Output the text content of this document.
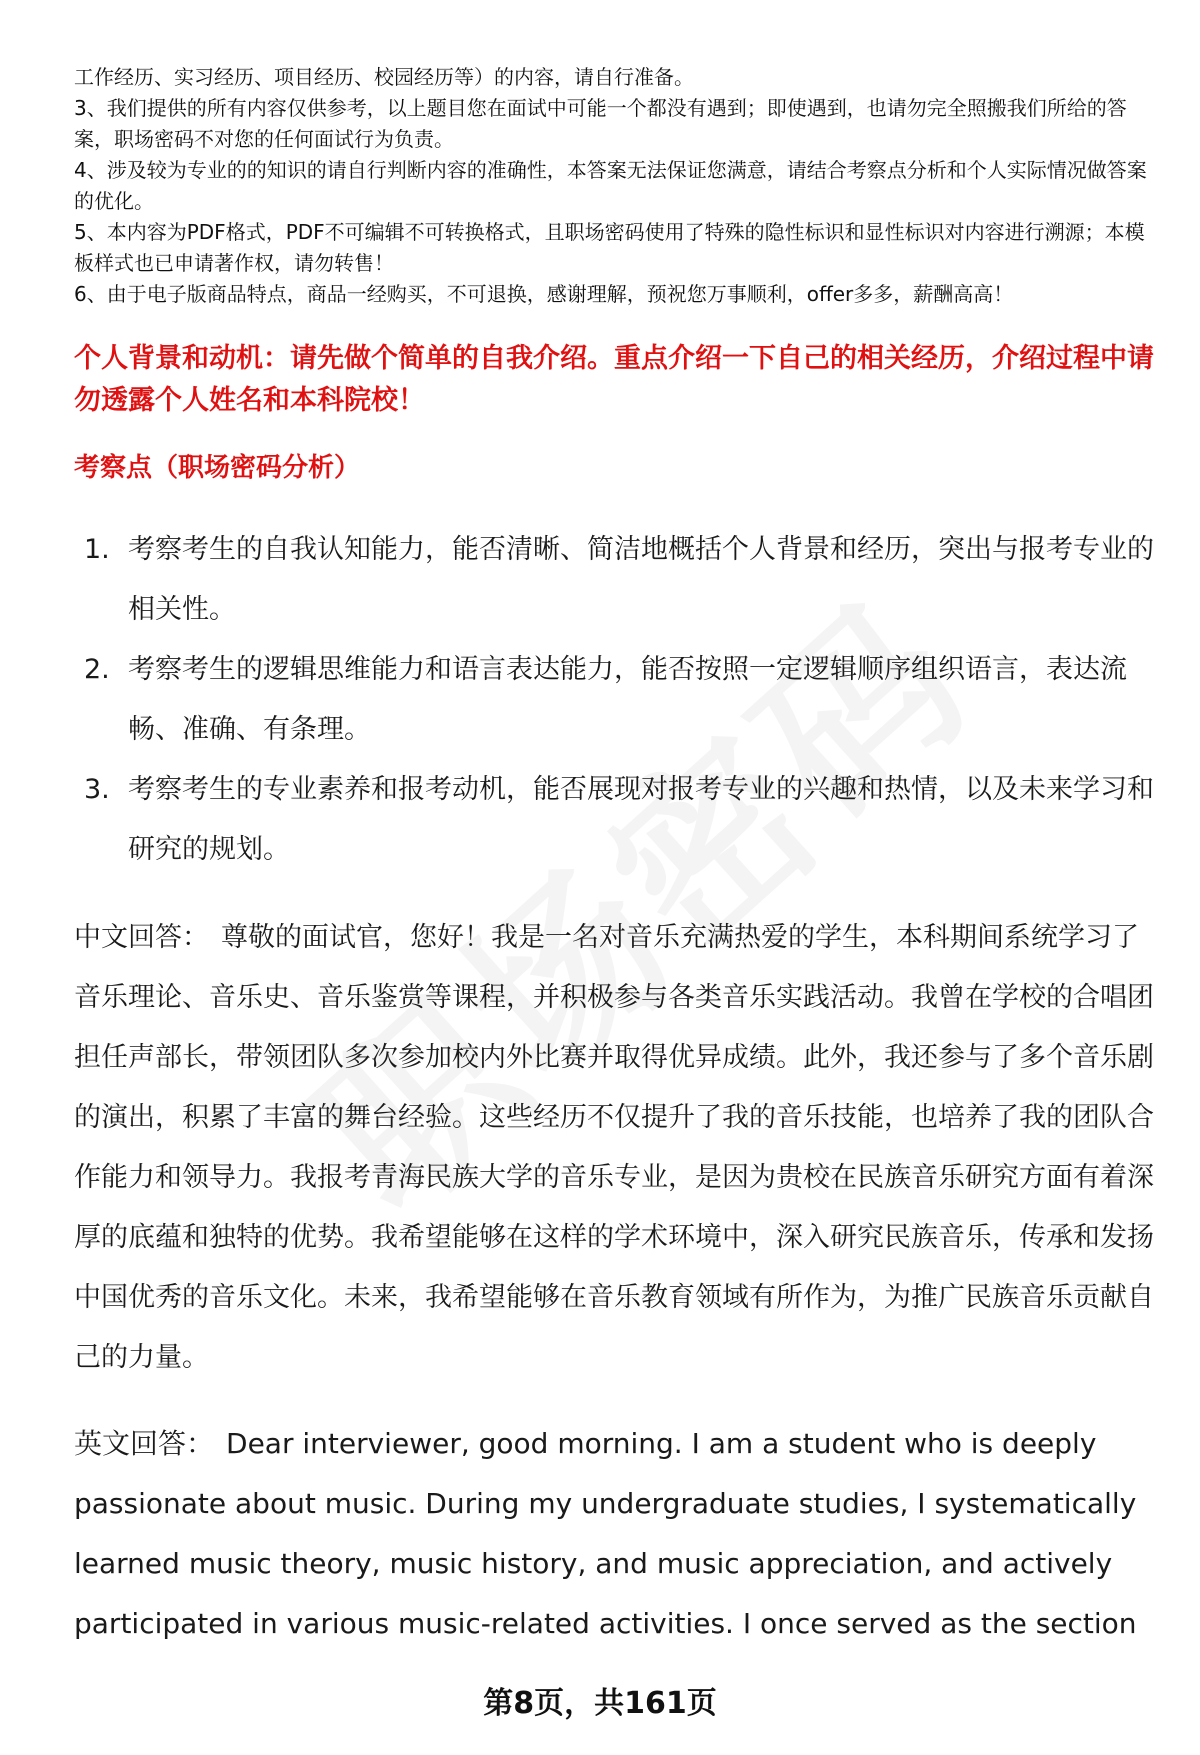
工作经历、实习经历、项目经历、校园经历等）的内容，请自行准备。

3、我们提供的所有内容仅供参考，以上题目您在面试中可能一个都没有遇到；即使遇到，也请勿完全照搬我们所给的答案，职场密码不对您的任何面试行为负责。

4、涉及较为专业的的知识的请自行判断内容的准确性，本答案无法保证您满意，请结合考察点分析和个人实际情况做答案的优化。

5、本内容为PDF格式，PDF不可编辑不可转换格式，且职场密码使用了特殊的隐性标识和显性标识对内容进行溯源；本模板样式也已申请著作权，请勿转售！

6、由于电子版商品特点，商品一经购买，不可退换，感谢理解，预祝您万事顺利，offer多多，薪酬高高！

个人背景和动机：请先做个简单的自我介绍。重点介绍一下自己的相关经历，介绍过程中请勿透露个人姓名和本科院校！
考察点（职场密码分析）
1. 考察考生的自我认知能力，能否清晰、简洁地概括个人背景和经历，突出与报考专业的相关性。
2. 考察考生的逻辑思维能力和语言表达能力，能否按照一定逻辑顺序组织语言，表达流畅、准确、有条理。
3. 考察考生的专业素养和报考动机，能否展现对报考专业的兴趣和热情，以及未来学习和研究的规划。

中文回答： 尊敬的面试官，您好！我是一名对音乐充满热爱的学生，本科期间系统学习了音乐理论、音乐史、音乐鉴赏等课程，并积极参与各类音乐实践活动。我曾在学校的合唱团担任声部长，带领团队多次参加校内外比赛并取得优异成绩。此外，我还参与了多个音乐剧的演出，积累了丰富的舞台经验。这些经历不仅提升了我的音乐技能，也培养了我的团队合作能力和领导力。我报考青海民族大学的音乐专业，是因为贵校在民族音乐研究方面有着深厚的底蕴和独特的优势。我希望能够在这样的学术环境中，深入研究民族音乐，传承和发扬中国优秀的音乐文化。未来，我希望能够在音乐教育领域有所作为，为推广民族音乐贡献自己的力量。

英文回答： Dear interviewer, good morning. I am a student who is deeply passionate about music. During my undergraduate studies, I systematically learned music theory, music history, and music appreciation, and actively participated in various music-related activities. I once served as the section

第8页，共161页
